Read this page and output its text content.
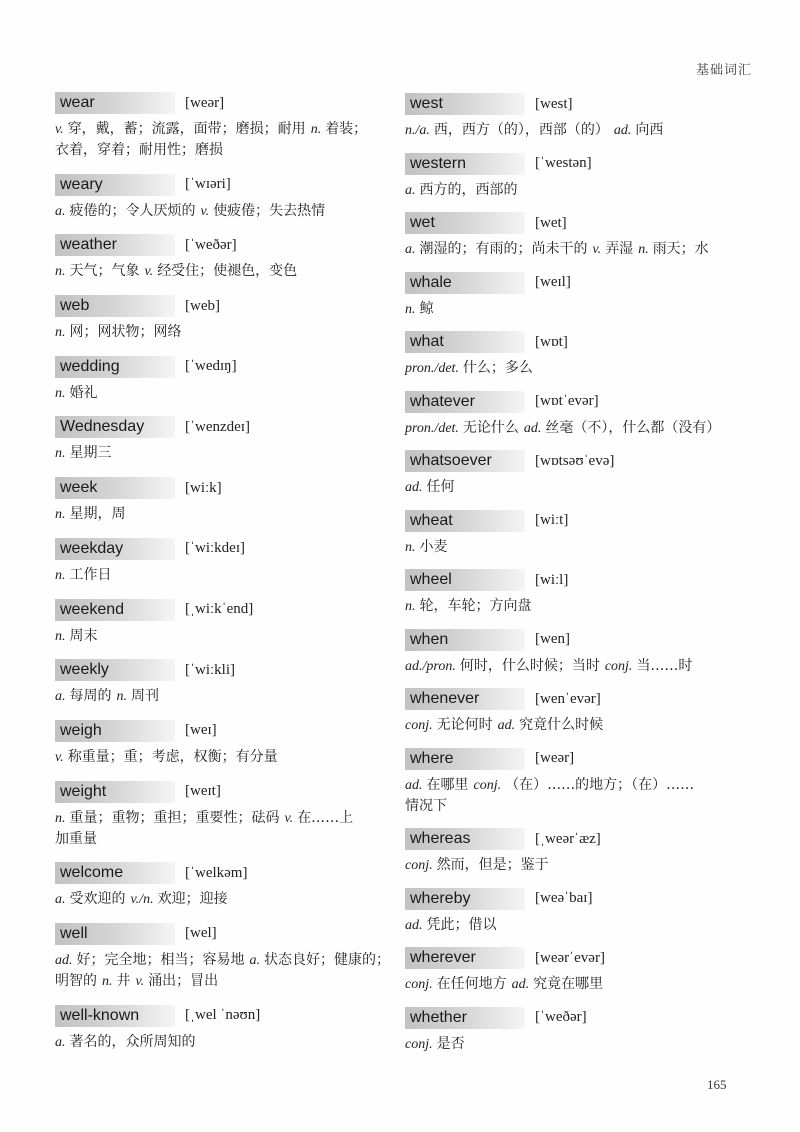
基础词汇
wear	[weər]
v. 穿，戴，蓄；流露，面带；磨损；耐用 n. 着装；
衣着，穿着；耐用性；磨损
weary	[ˈwɪəri]
a. 疲倦的；令人厌烦的 v. 使疲倦；失去热情
weather	[ˈweðər]
n. 天气；气象 v. 经受住；使褪色，变色
web	[web]
n. 网；网状物；网络
wedding	[ˈwedɪŋ]
n. 婚礼
Wednesday	[ˈwenzdeɪ]
n. 星期三
week	[wiːk]
n. 星期，周
weekday	[ˈwiːkdeɪ]
n. 工作日
weekend	[ˌwiːkˈend]
n. 周末
weekly	[ˈwiːkli]
a. 每周的 n. 周刊
weigh	[weɪ]
v. 称重量；重；考虑，权衡；有分量
weight	[weɪt]
n. 重量；重物；重担；重要性；砝码 v. 在……上
加重量
welcome	[ˈwelkəm]
a. 受欢迎的 v./n. 欢迎；迎接
well	[wel]
ad. 好；完全地；相当；容易地 a. 状态良好；健康的；
明智的 n. 井 v. 涌出；冒出
well-known	[ˌwel ˈnəʊn]
a. 著名的，众所周知的
west	[west]
n./a. 西，西方（的），西部（的） ad. 向西
western	[ˈwestən]
a. 西方的，西部的
wet	[wet]
a. 潮湿的；有雨的；尚未干的 v. 弄湿 n. 雨天；水
whale	[weɪl]
n. 鲸
what	[wɒt]
pron./det. 什么；多么
whatever	[wɒtˈevər]
pron./det. 无论什么 ad. 丝毫（不），什么都（没有）
whatsoever	[wɒtsəʊˈevə]
ad. 任何
wheat	[wiːt]
n. 小麦
wheel	[wiːl]
n. 轮，车轮；方向盘
when	[wen]
ad./pron. 何时，什么时候；当时 conj. 当……时
whenever	[wenˈevər]
conj. 无论何时 ad. 究竟什么时候
where	[weər]
ad. 在哪里 conj. （在）……的地方；（在）……
情况下
whereas	[ˌweərˈæz]
conj. 然而，但是；鉴于
whereby	[weəˈbaɪ]
ad. 凭此；借以
wherever	[weərˈevər]
conj. 在任何地方 ad. 究竟在哪里
whether	[ˈweðər]
conj. 是否
165
